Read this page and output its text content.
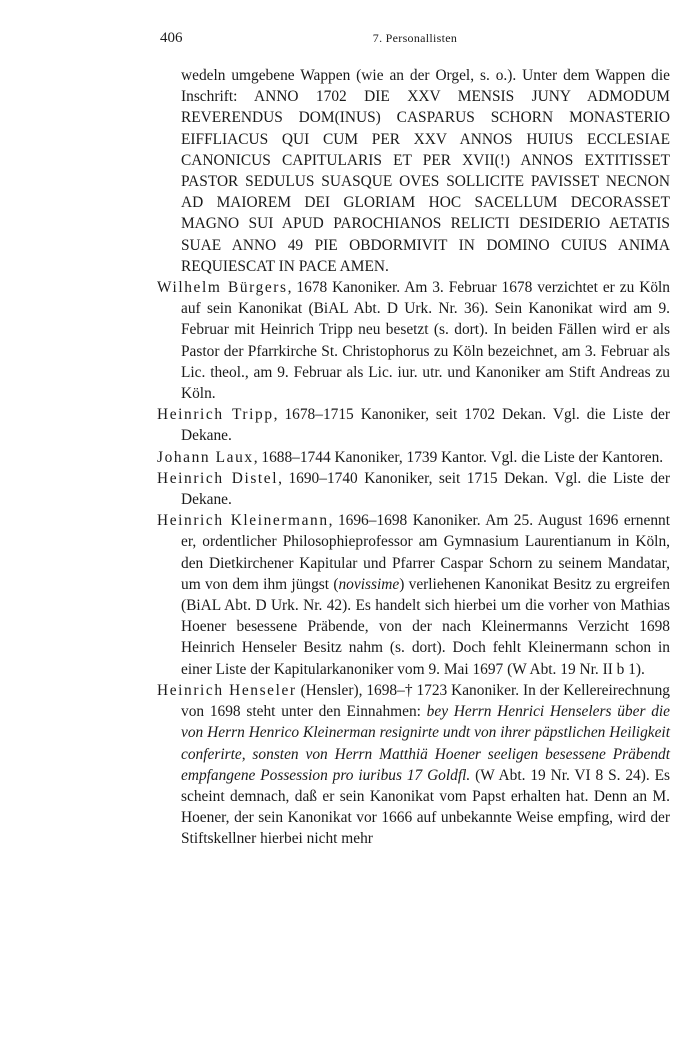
406	7. Personallisten

wedeln umgebene Wappen (wie an der Orgel, s. o.). Unter dem Wappen die Inschrift: ANNO 1702 DIE XXV MENSIS JUNY ADMODUM REVERENDUS DOM(INUS) CASPARUS SCHORN MONASTERIO EIFFLIACUS QUI CUM PER XXV ANNOS HUIUS ECCLESIAE CANONICUS CAPITULARIS ET PER XVII(!) ANNOS EXTITISSET PASTOR SEDULUS SUASQUE OVES SOLLICITE PAVISSET NECNON AD MAIOREM DEI GLORIAM HOC SACELLUM DECORASSET MAGNO SUI APUD PAROCHIANOS RELICTI DESIDERIO AETATIS SUAE ANNO 49 PIE OBDORMIVIT IN DOMINO CUIUS ANIMA REQUIESCAT IN PACE AMEN.

Wilhelm Bürgers, 1678 Kanoniker. Am 3. Februar 1678 verzichtet er zu Köln auf sein Kanonikat (BiAL Abt. D Urk. Nr. 36). Sein Kanonikat wird am 9. Februar mit Heinrich Tripp neu besetzt (s. dort). In beiden Fällen wird er als Pastor der Pfarrkirche St. Christophorus zu Köln bezeichnet, am 3. Februar als Lic. theol., am 9. Februar als Lic. iur. utr. und Kanoniker am Stift Andreas zu Köln.

Heinrich Tripp, 1678–1715 Kanoniker, seit 1702 Dekan. Vgl. die Liste der Dekane.

Johann Laux, 1688–1744 Kanoniker, 1739 Kantor. Vgl. die Liste der Kantoren.

Heinrich Distel, 1690–1740 Kanoniker, seit 1715 Dekan. Vgl. die Liste der Dekane.

Heinrich Kleinermann, 1696–1698 Kanoniker. Am 25. August 1696 ernennt er, ordentlicher Philosophieprofessor am Gymnasium Laurentianum in Köln, den Dietkirchener Kapitular und Pfarrer Caspar Schorn zu seinem Mandatar, um von dem ihm jüngst (novissime) verliehenen Kanonikat Besitz zu ergreifen (BiAL Abt. D Urk. Nr. 42). Es handelt sich hierbei um die vorher von Mathias Hoener besessene Präbende, von der nach Kleinermanns Verzicht 1698 Heinrich Henseler Besitz nahm (s. dort). Doch fehlt Kleinermann schon in einer Liste der Kapitularkanoniker vom 9. Mai 1697 (W Abt. 19 Nr. II b 1).

Heinrich Henseler (Hensler), 1698–† 1723 Kanoniker. In der Kellereirechnung von 1698 steht unter den Einnahmen: bey Herrn Henrici Henselers über die von Herrn Henrico Kleinerman resignirte undt von ihrer päpstlichen Heiligkeit conferirte, sonsten von Herrn Matthiä Hoener seeligen besessene Präbendt empfangene Possession pro iuribus 17 Goldfl. (W Abt. 19 Nr. VI 8 S. 24). Es scheint demnach, daß er sein Kanonikat vom Papst erhalten hat. Denn an M. Hoener, der sein Kanonikat vor 1666 auf unbekannte Weise empfing, wird der Stiftskellner hierbei nicht mehr
